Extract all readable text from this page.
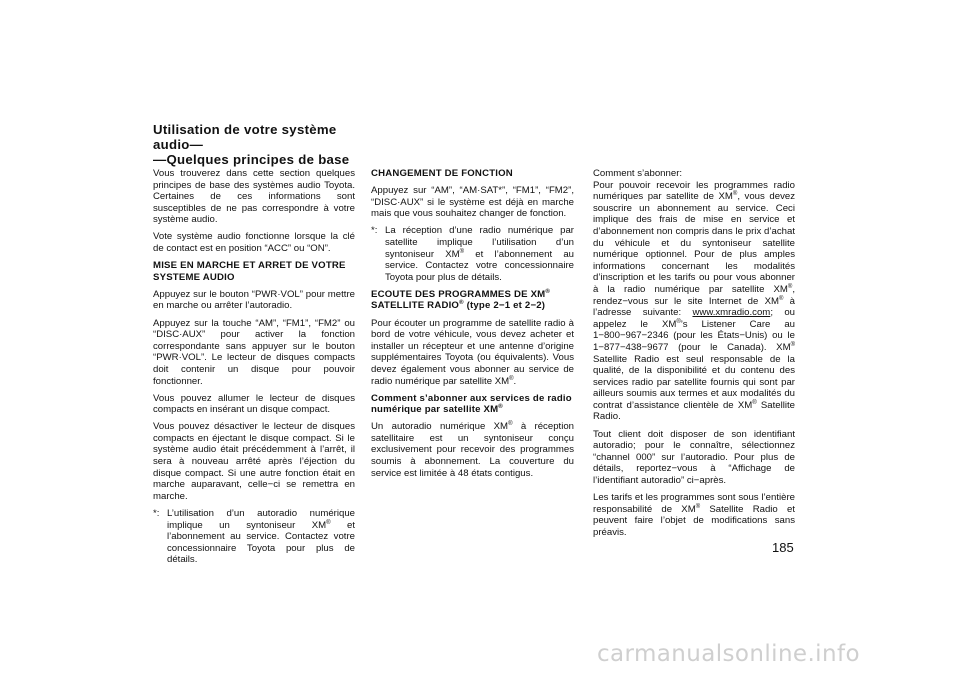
Utilisation de votre système
audio—
—Quelques principes de base

Vous trouverez dans cette section quelques principes de base des systèmes audio Toyota. Certaines de ces informations sont susceptibles de ne pas correspondre à votre système audio.

Vote système audio fonctionne lorsque la clé de contact est en position “ACC” ou “ON”.

MISE EN MARCHE ET ARRET DE VOTRE SYSTEME AUDIO

Appuyez sur le bouton “PWR·VOL” pour mettre en marche ou arrêter l’autoradio.

Appuyez sur la touche “AM”, “FM1”, “FM2” ou “DISC·AUX” pour activer la fonction correspondante sans appuyer sur le bouton “PWR·VOL”. Le lecteur de disques compacts doit contenir un disque pour pouvoir fonctionner.

Vous pouvez allumer le lecteur de disques compacts en insérant un disque compact.

Vous pouvez désactiver le lecteur de disques compacts en éjectant le disque compact. Si le système audio était précédemment à l’arrêt, il sera à nouveau arrêté après l’éjection du disque compact. Si une autre fonction était en marche auparavant, celle−ci se remettra en marche.

*: L’utilisation d’un autoradio numérique implique un syntoniseur XM® et l’abonnement au service. Contactez votre concessionnaire Toyota pour plus de détails.

CHANGEMENT DE FONCTION

Appuyez sur “AM”, “AM·SAT*”, “FM1”, “FM2”, “DISC·AUX” si le système est déjà en marche mais que vous souhaitez changer de fonction.

*: La réception d’une radio numérique par satellite implique l’utilisation d’un syntoniseur XM® et l’abonnement au service. Contactez votre concessionnaire Toyota pour plus de détails.

ECOUTE DES PROGRAMMES DE XM®
SATELLITE RADIO® (type 2−1 et 2−2)

Pour écouter un programme de satellite radio à bord de votre véhicule, vous devez acheter et installer un récepteur et une antenne d’origine supplémentaires Toyota (ou équivalents). Vous devez également vous abonner au service de radio numérique par satellite XM®.

Comment s’abonner aux services de radio numérique par satellite XM®

Un autoradio numérique XM® à réception satellitaire est un syntoniseur conçu exclusivement pour recevoir des programmes soumis à abonnement. La couverture du service est limitée à 48 états contigus.

Comment s’abonner:

Pour pouvoir recevoir les programmes radio numériques par satellite de XM®, vous devez souscrire un abonnement au service. Ceci implique des frais de mise en service et d’abonnement non compris dans le prix d’achat du véhicule et du syntoniseur satellite numérique optionnel. Pour de plus amples informations concernant les modalités d’inscription et les tarifs ou pour vous abonner à la radio numérique par satellite XM®, rendez−vous sur le site Internet de XM® à l’adresse suivante: www.xmradio.com; ou appelez le XM®’s Listener Care au 1−800−967−2346 (pour les États−Unis) ou le 1−877−438−9677 (pour le Canada). XM® Satellite Radio est seul responsable de la qualité, de la disponibilité et du contenu des services radio par satellite fournis qui sont par ailleurs soumis aux termes et aux modalités du contrat d’assistance clientèle de XM® Satellite Radio.

Tout client doit disposer de son identifiant autoradio; pour le connaître, sélectionnez “channel 000” sur l’autoradio. Pour plus de détails, reportez−vous à “Affichage de l’identifiant autoradio” ci−après.

Les tarifs et les programmes sont sous l’entière responsabilité de XM® Satellite Radio et peuvent faire l’objet de modifications sans préavis.

185
carmanualsonline.info
